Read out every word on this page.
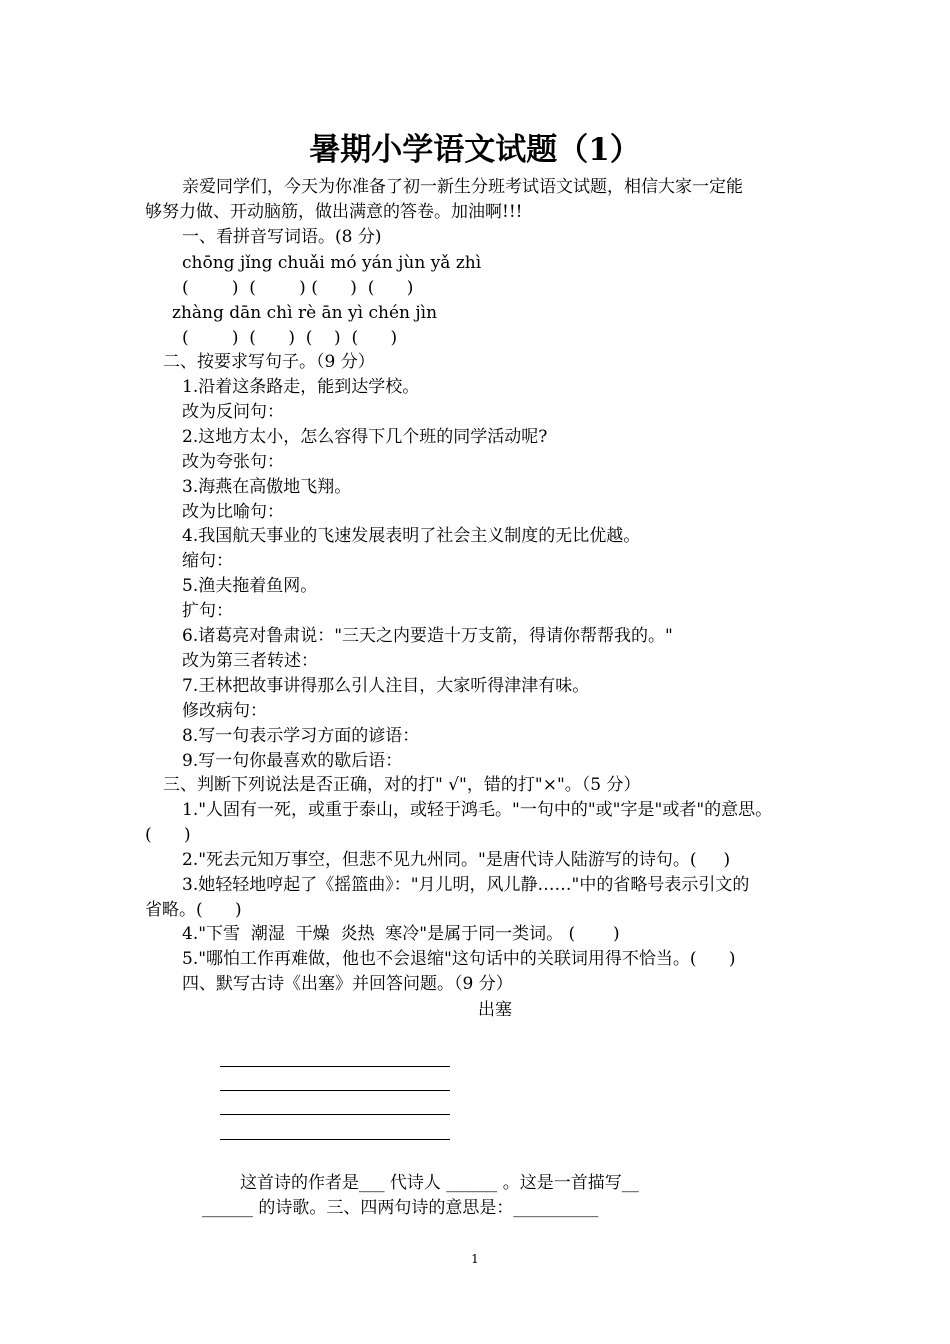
暑期小学语文试题（1）
亲爱同学们，今天为你准备了初一新生分班考试语文试题，相信大家一定能
够努力做、开动脑筋，做出满意的答卷。加油啊!!!
一、看拼音写词语。(8 分)
chōng jǐng chuǎi mó yán jùn yǎ zhì
(        )  (        ) (      )  (      )
zhàng dān chì rè ān yì chén jìn
(        )  (      )  (    )  (      )
二、按要求写句子。（9 分）
1.沿着这条路走，能到达学校。
改为反问句：
2.这地方太小，怎么容得下几个班的同学活动呢?
改为夸张句：
3.海燕在高傲地飞翔。
改为比喻句：
4.我国航天事业的飞速发展表明了社会主义制度的无比优越。
缩句：
5.渔夫拖着鱼网。
扩句：
6.诸葛亮对鲁肃说："三天之内要造十万支箭，得请你帮帮我的。"
改为第三者转述：
7.王林把故事讲得那么引人注目，大家听得津津有味。
修改病句：
8.写一句表示学习方面的谚语：
9.写一句你最喜欢的歇后语：
三、判断下列说法是否正确，对的打" √"，错的打"×"。（5 分）
1."人固有一死，或重于泰山，或轻于鸿毛。"一句中的"或"字是"或者"的意思。
(      )
2."死去元知万事空，但悲不见九州同。"是唐代诗人陆游写的诗句。(     )
3.她轻轻地哼起了《摇篮曲》："月儿明，风儿静……"中的省略号表示引文的
省略。(      )
4."下雪  潮湿  干燥  炎热  寒冷"是属于同一类词。 (       )
5."哪怕工作再难做，他也不会退缩"这句话中的关联词用得不恰当。(      )
四、默写古诗《出塞》并回答问题。（9 分）
出塞
这首诗的作者是___ 代诗人 ______ 。这是一首描写__
______ 的诗歌。三、四两句诗的意思是：__________
1
